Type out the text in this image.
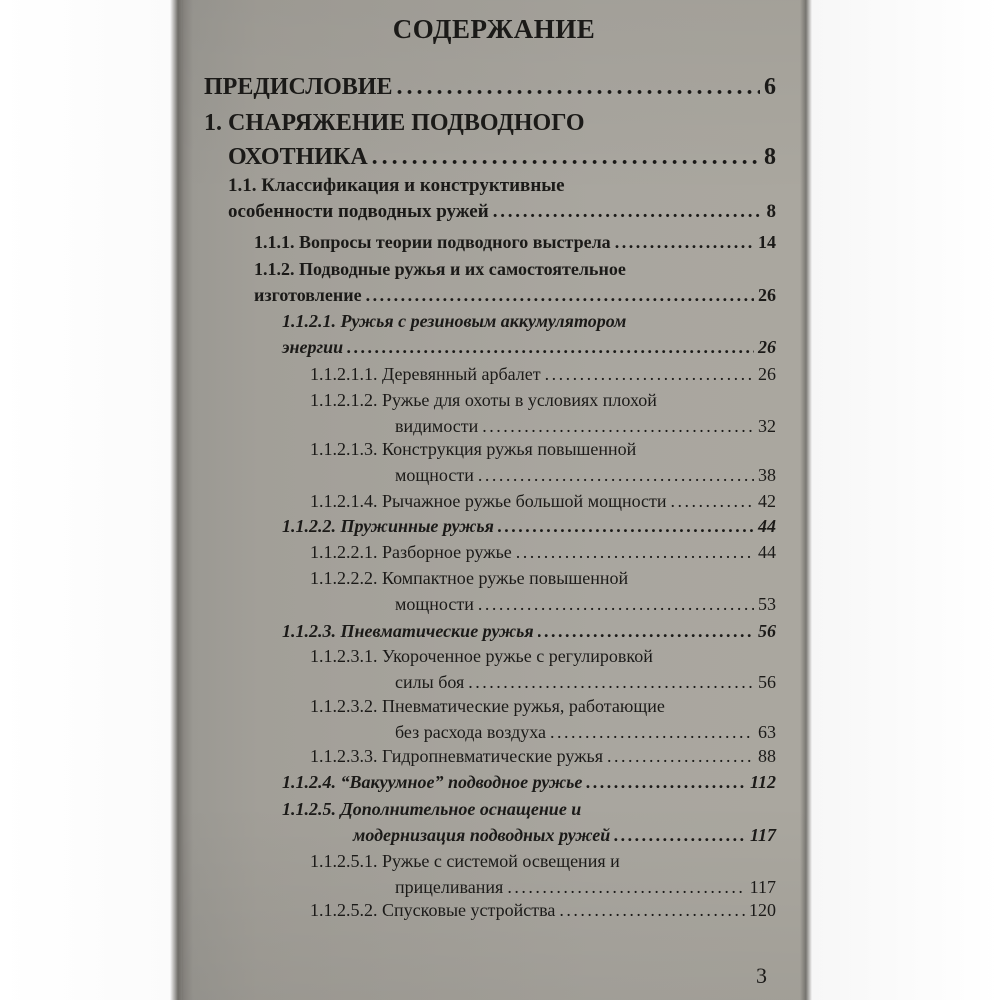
СОДЕРЖАНИЕ
ПРЕДИСЛОВИЕ . . .	6
1. СНАРЯЖЕНИЕ ПОДВОДНОГО
ОХОТНИКА . . .	8
1.1. Классификация и конструктивные
особенности подводных ружей . . .	8
1.1.1. Вопросы теории подводного выстрела . . .	14
1.1.2. Подводные ружья и их самостоятельное
изготовление . . .	26
1.1.2.1. Ружья с резиновым аккумулятором
энергии . . .	26
1.1.2.1.1. Деревянный арбалет . . .	26
1.1.2.1.2. Ружье для охоты в условиях плохой
видимости . . .	32
1.1.2.1.3. Конструкция ружья повышенной
мощности . . .	38
1.1.2.1.4. Рычажное ружье большой мощности . . .	42
1.1.2.2. Пружинные ружья . . .	44
1.1.2.2.1. Разборное ружье . . .	44
1.1.2.2.2. Компактное ружье повышенной
мощности . . .	53
1.1.2.3. Пневматические ружья . . .	56
1.1.2.3.1. Укороченное ружье с регулировкой
силы боя . . .	56
1.1.2.3.2. Пневматические ружья, работающие
без расхода воздуха . . .	63
1.1.2.3.3. Гидропневматические ружья . . .	88
1.1.2.4. “Вакуумное” подводное ружье . . .	112
1.1.2.5. Дополнительное оснащение и
модернизация подводных ружей . . .	117
1.1.2.5.1. Ружье с системой освещения и
прицеливания . . .	117
1.1.2.5.2. Спусковые устройства . . .	120
3
